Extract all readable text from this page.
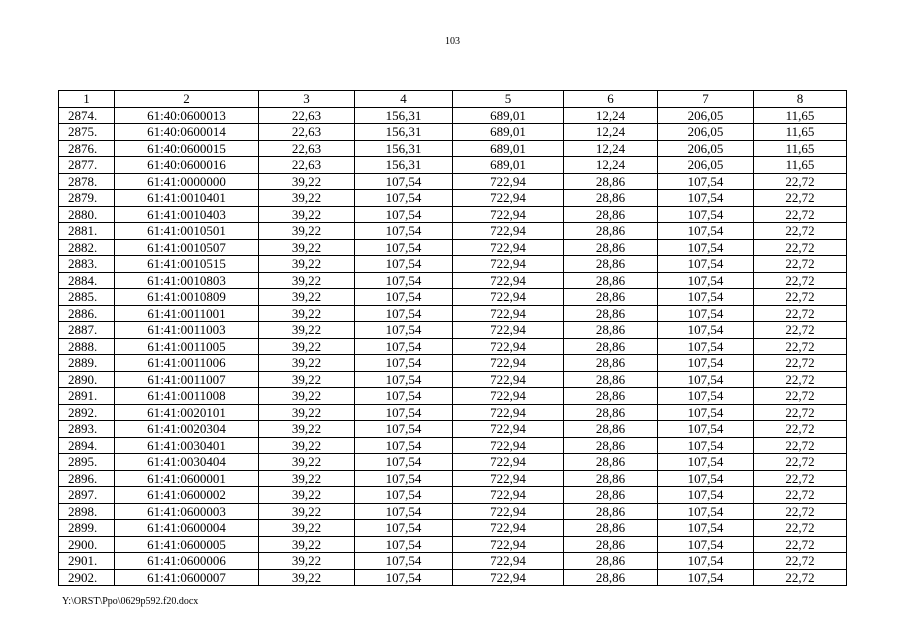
103
1	2	3	4	5	6	7	8
2874.	61:40:0600013	22,63	156,31	689,01	12,24	206,05	11,65
2875.	61:40:0600014	22,63	156,31	689,01	12,24	206,05	11,65
2876.	61:40:0600015	22,63	156,31	689,01	12,24	206,05	11,65
2877.	61:40:0600016	22,63	156,31	689,01	12,24	206,05	11,65
2878.	61:41:0000000	39,22	107,54	722,94	28,86	107,54	22,72
2879.	61:41:0010401	39,22	107,54	722,94	28,86	107,54	22,72
2880.	61:41:0010403	39,22	107,54	722,94	28,86	107,54	22,72
2881.	61:41:0010501	39,22	107,54	722,94	28,86	107,54	22,72
2882.	61:41:0010507	39,22	107,54	722,94	28,86	107,54	22,72
2883.	61:41:0010515	39,22	107,54	722,94	28,86	107,54	22,72
2884.	61:41:0010803	39,22	107,54	722,94	28,86	107,54	22,72
2885.	61:41:0010809	39,22	107,54	722,94	28,86	107,54	22,72
2886.	61:41:0011001	39,22	107,54	722,94	28,86	107,54	22,72
2887.	61:41:0011003	39,22	107,54	722,94	28,86	107,54	22,72
2888.	61:41:0011005	39,22	107,54	722,94	28,86	107,54	22,72
2889.	61:41:0011006	39,22	107,54	722,94	28,86	107,54	22,72
2890.	61:41:0011007	39,22	107,54	722,94	28,86	107,54	22,72
2891.	61:41:0011008	39,22	107,54	722,94	28,86	107,54	22,72
2892.	61:41:0020101	39,22	107,54	722,94	28,86	107,54	22,72
2893.	61:41:0020304	39,22	107,54	722,94	28,86	107,54	22,72
2894.	61:41:0030401	39,22	107,54	722,94	28,86	107,54	22,72
2895.	61:41:0030404	39,22	107,54	722,94	28,86	107,54	22,72
2896.	61:41:0600001	39,22	107,54	722,94	28,86	107,54	22,72
2897.	61:41:0600002	39,22	107,54	722,94	28,86	107,54	22,72
2898.	61:41:0600003	39,22	107,54	722,94	28,86	107,54	22,72
2899.	61:41:0600004	39,22	107,54	722,94	28,86	107,54	22,72
2900.	61:41:0600005	39,22	107,54	722,94	28,86	107,54	22,72
2901.	61:41:0600006	39,22	107,54	722,94	28,86	107,54	22,72
2902.	61:41:0600007	39,22	107,54	722,94	28,86	107,54	22,72
Y:\ORST\Ppo\0629p592.f20.docx
